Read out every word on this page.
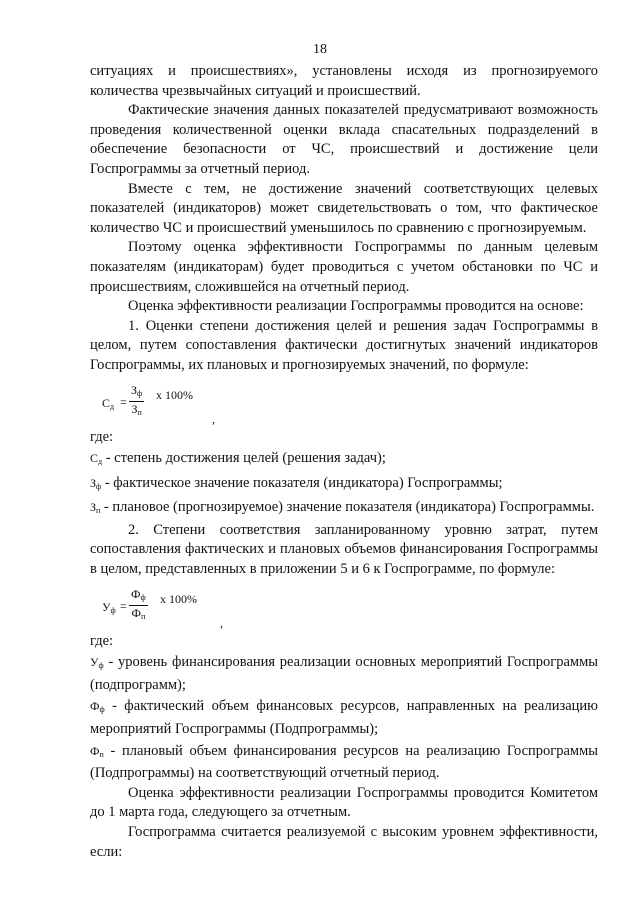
18

ситуациях и происшествиях», установлены исходя из прогнозируемого количества чрезвычайных ситуаций и происшествий.

Фактические значения данных показателей предусматривают возможность проведения количественной оценки вклада спасательных подразделений в обеспечение безопасности от ЧС, происшествий и достижение цели Госпрограммы за отчетный период.

Вместе с тем, не достижение значений соответствующих целевых показателей (индикаторов) может свидетельствовать о том, что фактическое количество ЧС и происшествий уменьшилось по сравнению с прогнозируемым.

Поэтому оценка эффективности Госпрограммы по данным целевым показателям (индикаторам) будет проводиться с учетом обстановки по ЧС и происшествиям, сложившейся на отчетный период.

Оценка эффективности реализации Госпрограммы проводится на основе:

1. Оценки степени достижения целей и решения задач Госпрограммы в целом, путем сопоставления фактически достигнутых значений индикаторов Госпрограммы, их плановых и прогнозируемых значений, по формуле:

$С_д$ =
$З_ф$
$З_п$
х 100%
,

где:

$С_д$ - степень достижения целей (решения задач);

$З_ф$ - фактическое значение показателя (индикатора) Госпрограммы;

$З_п$ - плановое (прогнозируемое) значение показателя (индикатора) Госпрограммы.

2. Степени соответствия запланированному уровню затрат, путем сопоставления фактических и плановых объемов финансирования Госпрограммы в целом, представленных в приложении 5 и 6 к Госпрограмме, по формуле:

$У_ф$ =
$Ф_ф$
$Ф_п$
х 100%
,

где:

$У_ф$ - уровень финансирования реализации основных мероприятий Госпрограммы (подпрограмм);

$Ф_ф$ - фактический объем финансовых ресурсов, направленных на реализацию мероприятий Госпрограммы (Подпрограммы);

$Ф_п$ - плановый объем финансирования ресурсов на реализацию Госпрограммы (Подпрограммы) на соответствующий отчетный период.

Оценка эффективности реализации Госпрограммы проводится Комитетом до 1 марта года, следующего за отчетным.

Госпрограмма считается реализуемой с высоким уровнем эффективности, если:
